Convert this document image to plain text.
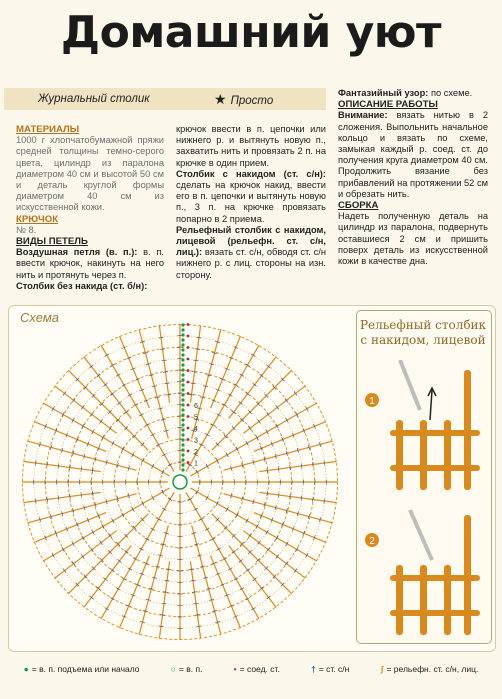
Домашний уют
Журнальный столик	★ Просто
МАТЕРИАЛЫ
1000 г хлопчатобумажной пряжи средней толщины темно-серого цвета, цилиндр из паралона диаметром 40 см и высотой 50 см и деталь круглой формы диаметром 40 см из искусственной кожи.
КРЮЧОК
№ 8.
ВИДЫ ПЕТЕЛЬ
Воздушная петля (в. п.): в. п. ввести крючок, накинуть на него нить и протянуть через п.
Столбик без накида (ст. б/н):
крючок ввести в п. цепочки или нижнего р. и вытянуть новую п., захватить нить и провязать 2 п. на крючке в один прием.
Столбик с накидом (ст. с/н): сделать на крючок накид, ввести его в п. цепочки и вытянуть новую п., 3 п. на крючке провязать попарно в 2 приема.
Рельефный столбик с накидом, лицевой (рельефн. ст. с/н, лиц.): вязать ст. с/н, обводя ст. с/н нижнего р. с лиц. стороны на изн. сторону.
Фантазийный узор: по схеме.
ОПИСАНИЕ РАБОТЫ
Внимание: вязать нитью в 2 сложения. Выпольнить начальное кольцо и вязать по схеме, замыкая каждый р. соед. ст. до получения круга диаметром 40 см. Продолжить вязание без прибавлений на протяжении 52 см и обрезать нить.
СБОРКА
Надеть полученную деталь на цилиндр из паралона, подвернуть оставшиеся 2 см и пришить поверх деталь из искусственной кожи в качестве дна.
Схема
6
5
4
3
2
1
Рельефный столбик с накидом, лицевой
1
2
● = в. п. подъема или начало	○ = в. п.	• = соед. ст.	† = ст. с/н	ʃ = рельефн. ст. с/н, лиц.
